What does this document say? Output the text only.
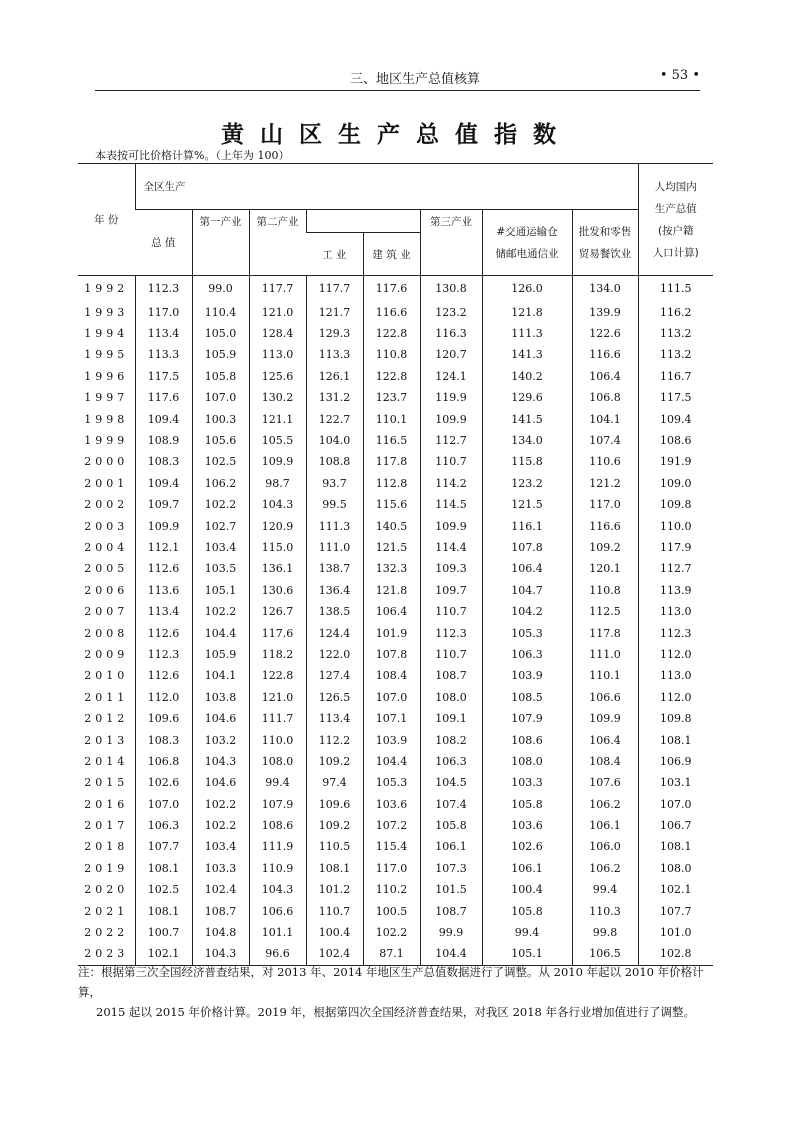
三、地区生产总值核算	• 53 •
黄山区生产总值指数
本表按可比价格计算%。（上年为 100）
年 份	全区生产								人均国内
生产总值
(按户籍
人口计算)

	总 值	第一产业	第二产业			第三产业	#交通运输仓
储邮电通信业	批发和零售
贸易餐饮业	

				工 业	建 筑 业				
1992	112.3	99.0	117.7	117.7	117.6	130.8	126.0	134.0	111.5
1993	117.0	110.4	121.0	121.7	116.6	123.2	121.8	139.9	116.2
1994	113.4	105.0	128.4	129.3	122.8	116.3	111.3	122.6	113.2
1995	113.3	105.9	113.0	113.3	110.8	120.7	141.3	116.6	113.2
1996	117.5	105.8	125.6	126.1	122.8	124.1	140.2	106.4	116.7
1997	117.6	107.0	130.2	131.2	123.7	119.9	129.6	106.8	117.5
1998	109.4	100.3	121.1	122.7	110.1	109.9	141.5	104.1	109.4
1999	108.9	105.6	105.5	104.0	116.5	112.7	134.0	107.4	108.6
2000	108.3	102.5	109.9	108.8	117.8	110.7	115.8	110.6	191.9
2001	109.4	106.2	98.7	93.7	112.8	114.2	123.2	121.2	109.0
2002	109.7	102.2	104.3	99.5	115.6	114.5	121.5	117.0	109.8
2003	109.9	102.7	120.9	111.3	140.5	109.9	116.1	116.6	110.0
2004	112.1	103.4	115.0	111.0	121.5	114.4	107.8	109.2	117.9
2005	112.6	103.5	136.1	138.7	132.3	109.3	106.4	120.1	112.7
2006	113.6	105.1	130.6	136.4	121.8	109.7	104.7	110.8	113.9
2007	113.4	102.2	126.7	138.5	106.4	110.7	104.2	112.5	113.0
2008	112.6	104.4	117.6	124.4	101.9	112.3	105.3	117.8	112.3
2009	112.3	105.9	118.2	122.0	107.8	110.7	106.3	111.0	112.0
2010	112.6	104.1	122.8	127.4	108.4	108.7	103.9	110.1	113.0
2011	112.0	103.8	121.0	126.5	107.0	108.0	108.5	106.6	112.0
2012	109.6	104.6	111.7	113.4	107.1	109.1	107.9	109.9	109.8
2013	108.3	103.2	110.0	112.2	103.9	108.2	108.6	106.4	108.1
2014	106.8	104.3	108.0	109.2	104.4	106.3	108.0	108.4	106.9
2015	102.6	104.6	99.4	97.4	105.3	104.5	103.3	107.6	103.1
2016	107.0	102.2	107.9	109.6	103.6	107.4	105.8	106.2	107.0
2017	106.3	102.2	108.6	109.2	107.2	105.8	103.6	106.1	106.7
2018	107.7	103.4	111.9	110.5	115.4	106.1	102.6	106.0	108.1
2019	108.1	103.3	110.9	108.1	117.0	107.3	106.1	106.2	108.0
2020	102.5	102.4	104.3	101.2	110.2	101.5	100.4	99.4	102.1
2021	108.1	108.7	106.6	110.7	100.5	108.7	105.8	110.3	107.7
2022	100.7	104.8	101.1	100.4	102.2	99.9	99.4	99.8	101.0
2023	102.1	104.3	96.6	102.4	87.1	104.4	105.1	106.5	102.8
注：根据第三次全国经济普查结果，对 2013 年、2014 年地区生产总值数据进行了调整。从 2010 年起以 2010 年价格计算，
2015 起以 2015 年价格计算。2019 年，根据第四次全国经济普查结果，对我区 2018 年各行业增加值进行了调整。
